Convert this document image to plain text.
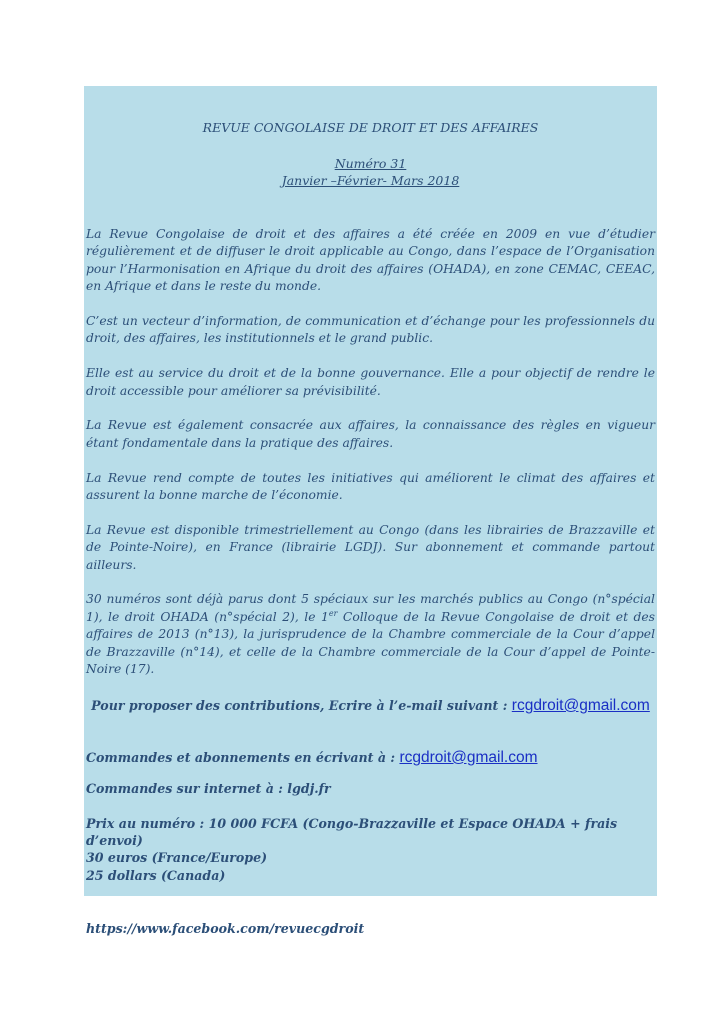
REVUE CONGOLAISE DE DROIT ET DES AFFAIRES
Numéro 31
Janvier –Février- Mars 2018

La Revue Congolaise de droit et des affaires a été créée en 2009 en vue d’étudier régulièrement et de diffuser le droit applicable au Congo, dans l’espace de l’Organisation pour l’Harmonisation en Afrique du droit des affaires (OHADA), en zone CEMAC, CEEAC, en Afrique et dans le reste du monde.

C’est un vecteur d’information, de communication et d’échange pour les professionnels du droit, des affaires, les institutionnels et le grand public.

Elle est au service du droit et de la bonne gouvernance. Elle a pour objectif de rendre le droit accessible pour améliorer sa prévisibilité.

La Revue est également consacrée aux affaires, la connaissance des règles en vigueur étant fondamentale dans la pratique des affaires.

La Revue rend compte de toutes les initiatives qui améliorent le climat des affaires et assurent la bonne marche de l’économie.

La Revue est disponible trimestriellement au Congo (dans les librairies de Brazzaville et de Pointe-Noire), en France (librairie LGDJ). Sur abonnement et commande partout ailleurs.

30 numéros sont déjà parus dont 5 spéciaux sur les marchés publics au Congo (n°spécial 1), le droit OHADA (n°spécial 2), le 1er Colloque de la Revue Congolaise de droit et des affaires de 2013 (n°13), la jurisprudence de la Chambre commerciale de la Cour d’appel de Brazzaville (n°14), et celle de la Chambre commerciale de la Cour d’appel de Pointe-Noire (17).

Pour proposer des contributions, Ecrire à l’e-mail suivant : rcgdroit@gmail.com
Commandes et abonnements en écrivant à : rcgdroit@gmail.com
Commandes sur internet à : lgdj.fr
Prix au numéro : 10 000 FCFA (Congo-Brazzaville et Espace OHADA + frais d’envoi)
30 euros (France/Europe)
25 dollars (Canada)
https://www.facebook.com/revuecgdroit
